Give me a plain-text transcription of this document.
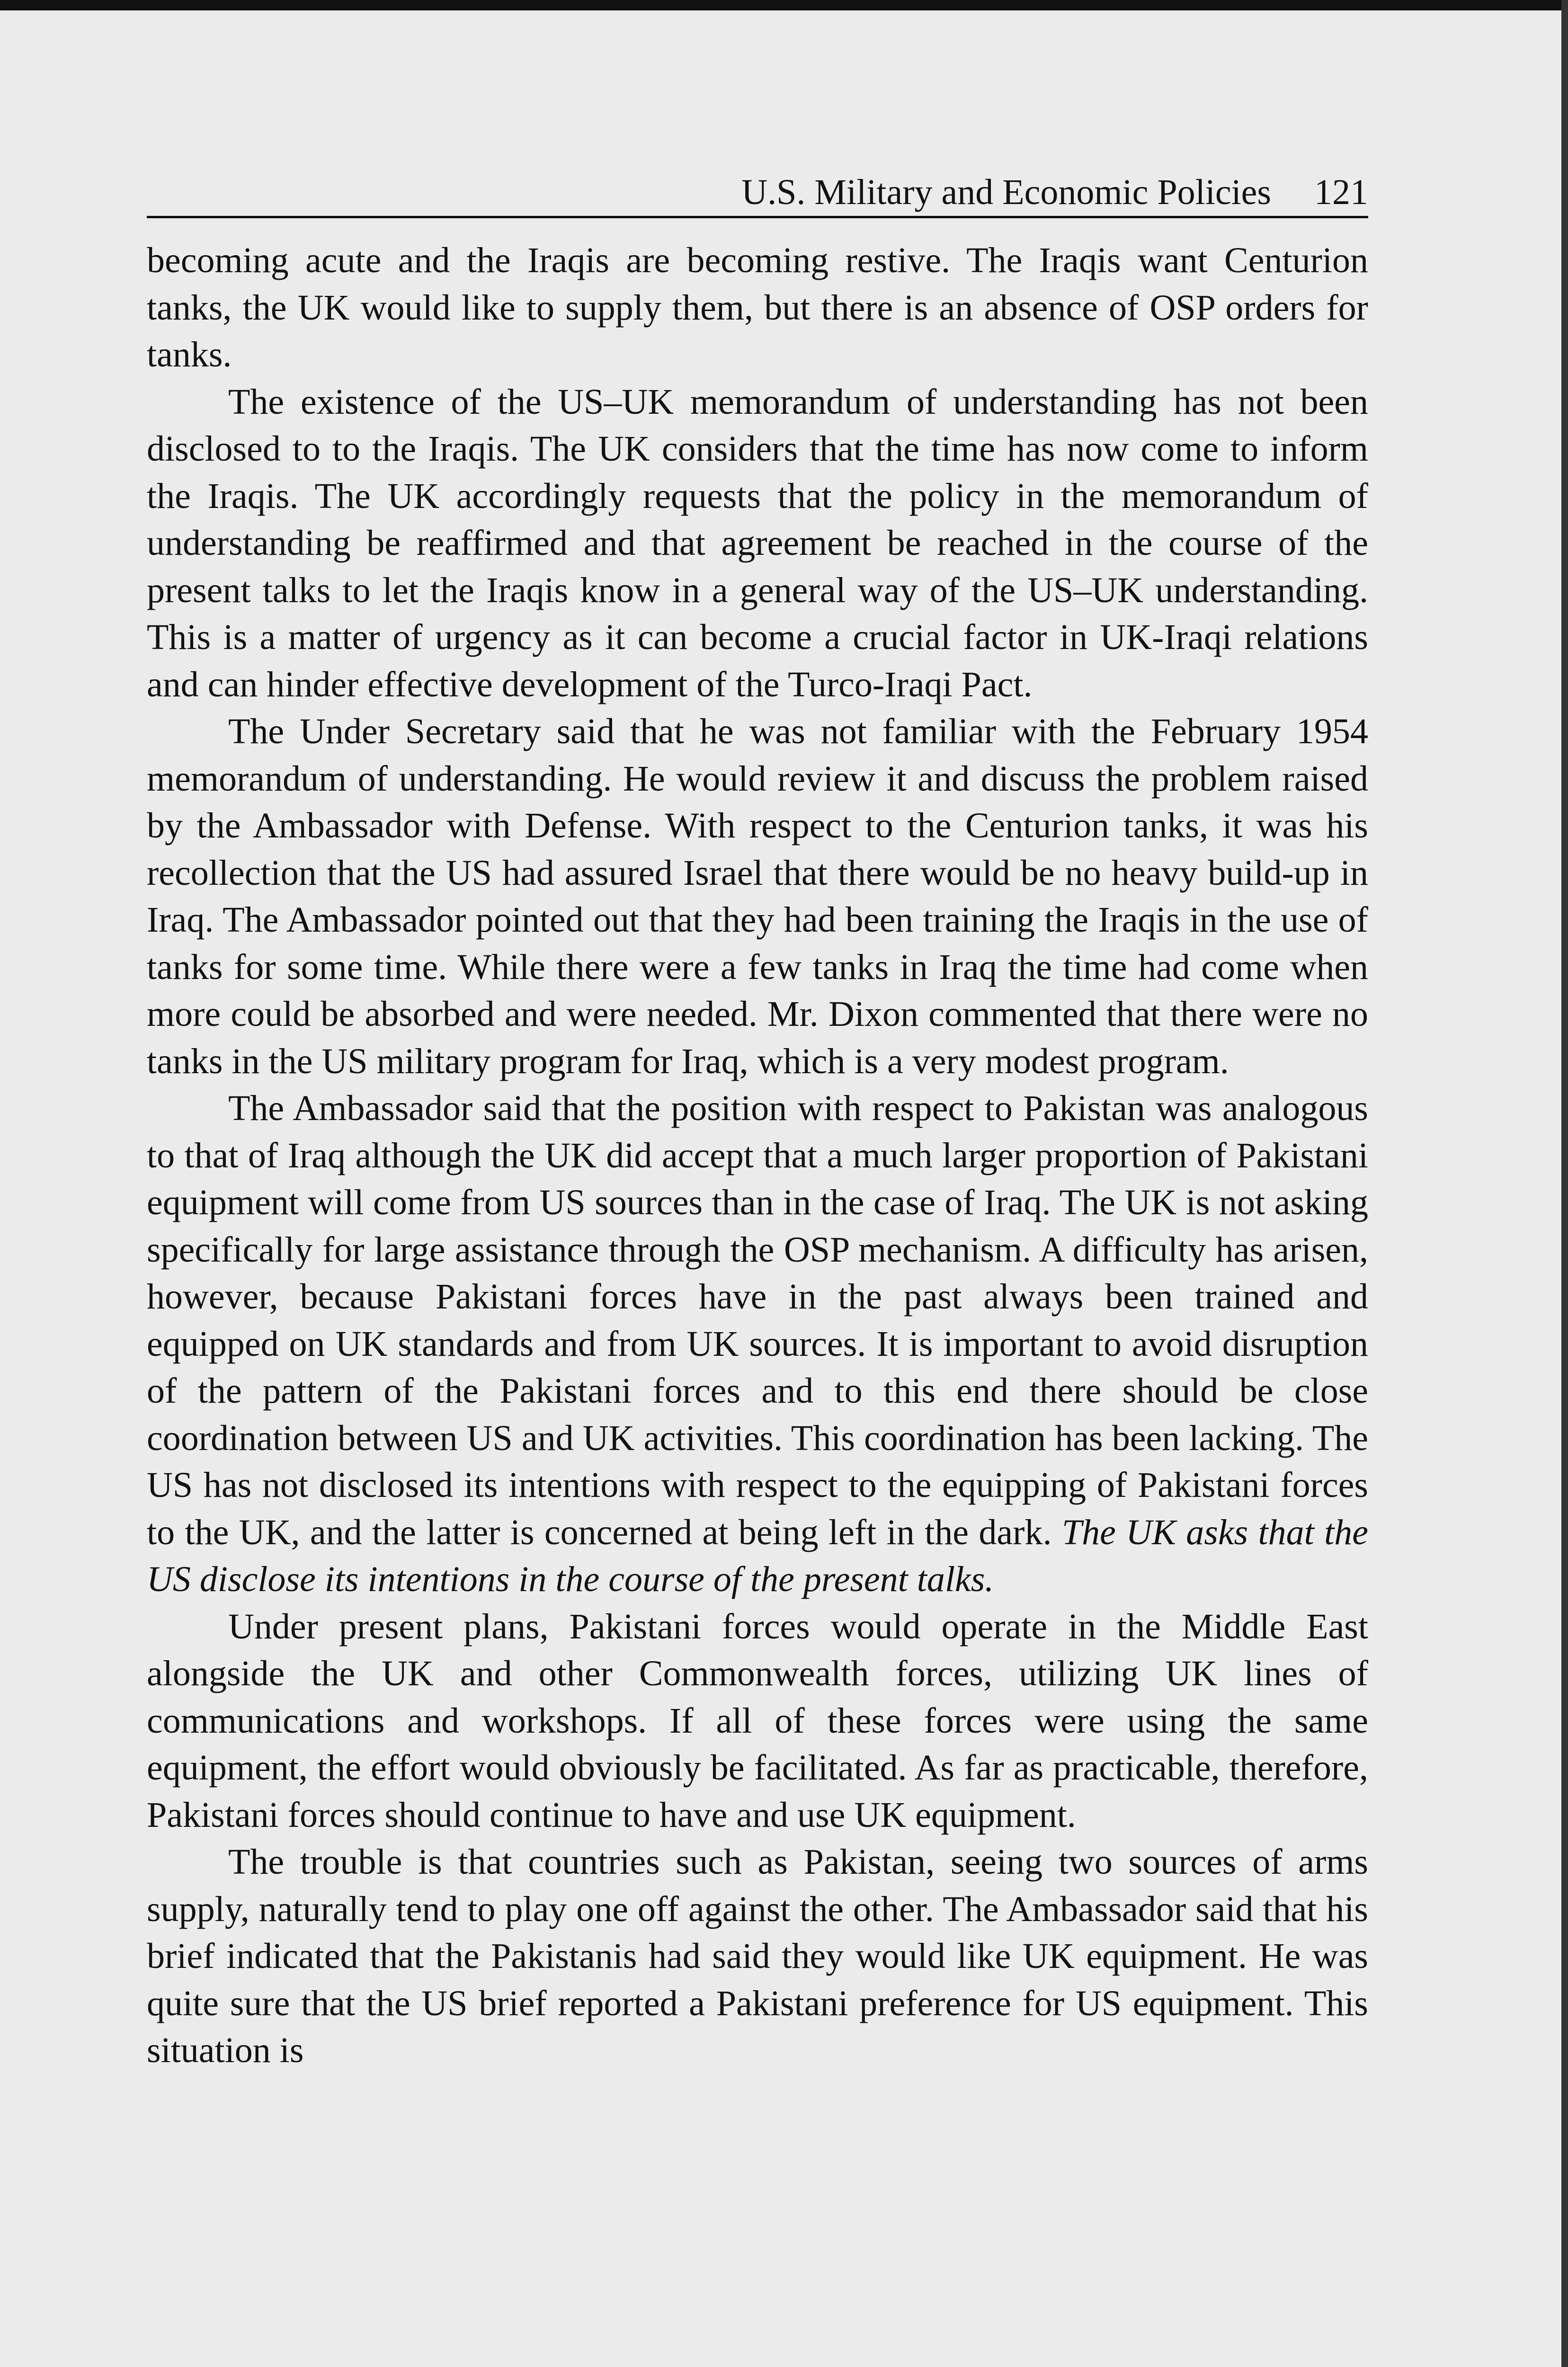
U.S. Military and Economic Policies 121

becoming acute and the Iraqis are becoming restive. The Iraqis want Centurion tanks, the UK would like to supply them, but there is an absence of OSP orders for tanks.

The existence of the US–UK memorandum of understanding has not been disclosed to to the Iraqis. The UK considers that the time has now come to inform the Iraqis. The UK accordingly requests that the policy in the memorandum of understanding be reaffirmed and that agreement be reached in the course of the present talks to let the Iraqis know in a general way of the US–UK understanding. This is a matter of urgency as it can become a crucial factor in UK-Iraqi relations and can hinder effective development of the Turco-Iraqi Pact.

The Under Secretary said that he was not familiar with the February 1954 memorandum of understanding. He would review it and discuss the problem raised by the Ambassador with Defense. With respect to the Centurion tanks, it was his recollection that the US had assured Israel that there would be no heavy build-up in Iraq. The Ambassador pointed out that they had been training the Iraqis in the use of tanks for some time. While there were a few tanks in Iraq the time had come when more could be absorbed and were needed. Mr. Dixon commented that there were no tanks in the US military program for Iraq, which is a very modest program.

The Ambassador said that the position with respect to Pakistan was analogous to that of Iraq although the UK did accept that a much larger proportion of Pakistani equipment will come from US sources than in the case of Iraq. The UK is not asking specifically for large assistance through the OSP mechanism. A difficulty has arisen, however, because Pakistani forces have in the past always been trained and equipped on UK standards and from UK sources. It is important to avoid disruption of the pattern of the Pakistani forces and to this end there should be close coordination between US and UK activities. This coordination has been lacking. The US has not disclosed its intentions with respect to the equipping of Pakistani forces to the UK, and the latter is concerned at being left in the dark. The UK asks that the US disclose its intentions in the course of the present talks.

Under present plans, Pakistani forces would operate in the Middle East alongside the UK and other Commonwealth forces, utilizing UK lines of communications and workshops. If all of these forces were using the same equipment, the effort would obviously be facilitated. As far as practicable, therefore, Pakistani forces should continue to have and use UK equipment.

The trouble is that countries such as Pakistan, seeing two sources of arms supply, naturally tend to play one off against the other. The Ambassador said that his brief indicated that the Pakistanis had said they would like UK equipment. He was quite sure that the US brief reported a Pakistani preference for US equipment. This situation is
